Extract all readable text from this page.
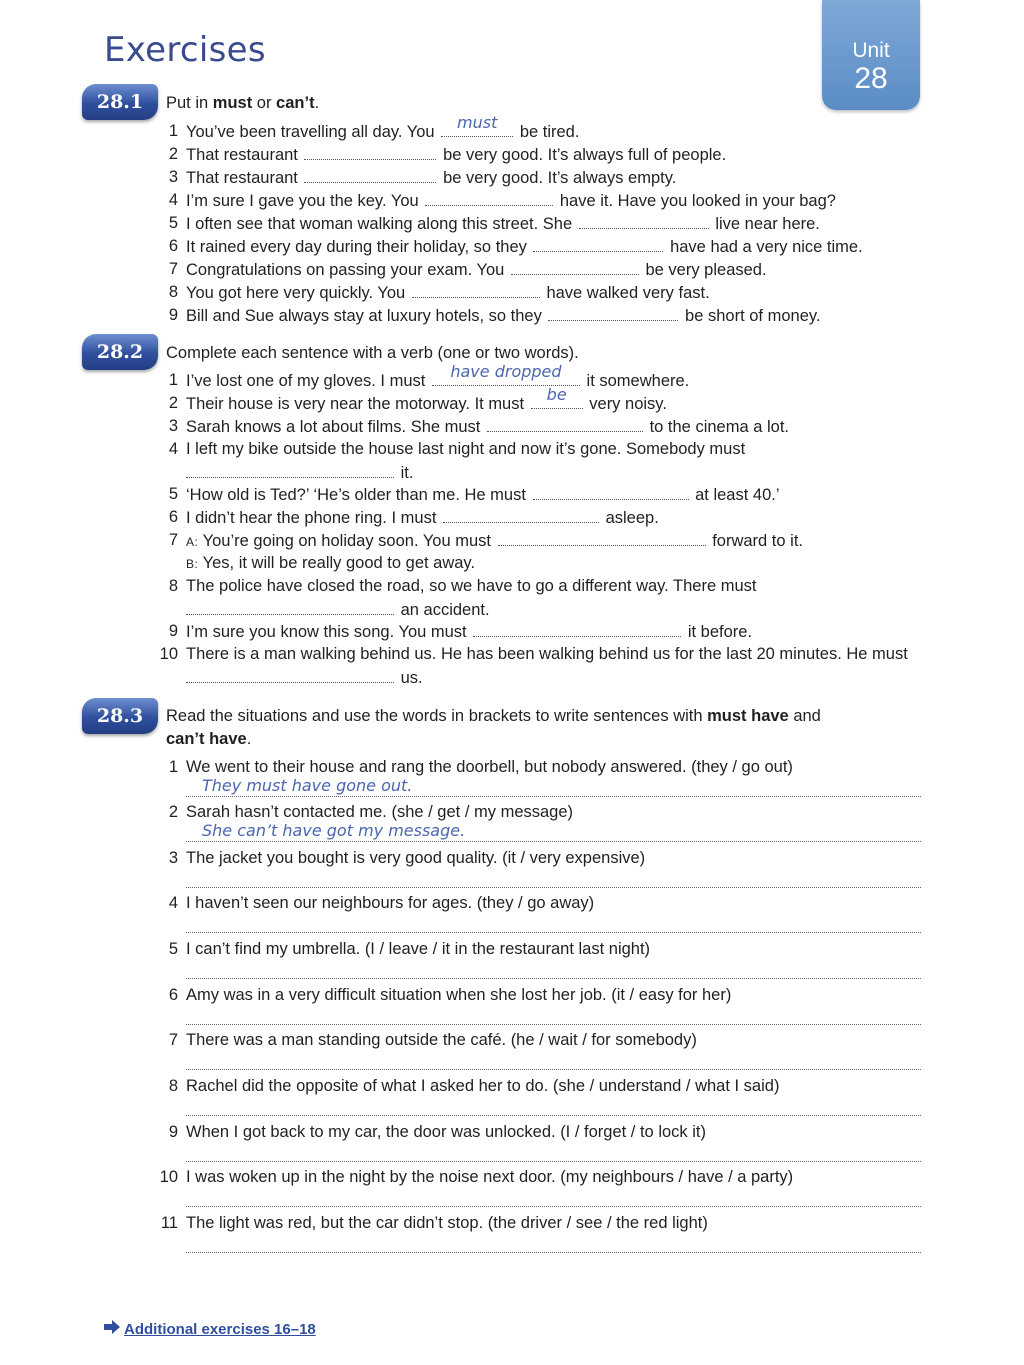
Exercises	Unit
28
28.1	Put in must or can’t.
1 You’ve been travelling all day. You	must	be tired.
2 That restaurant	be very good. It’s always full of people.
3 That restaurant	be very good. It’s always empty.
4 I’m sure I gave you the key. You	have it. Have you looked in your bag?
5 I often see that woman walking along this street. She	live near here.
6 It rained every day during their holiday, so they	have had a very nice time.
7 Congratulations on passing your exam. You	be very pleased.
8 You got here very quickly. You	have walked very fast.
9 Bill and Sue always stay at luxury hotels, so they	be short of money.
28.2	Complete each sentence with a verb (one or two words).
1 I’ve lost one of my gloves. I must	have dropped	it somewhere.
2 Their house is very near the motorway. It must	be	very noisy.
3 Sarah knows a lot about films. She must	to the cinema a lot.
4 I left my bike outside the house last night and now it’s gone. Somebody must
it.
5 ‘How old is Ted?’ ‘He’s older than me. He must	at least 40.’
6 I didn’t hear the phone ring. I must	asleep.
7 A: You’re going on holiday soon. You must	forward to it.
B: Yes, it will be really good to get away.
8 The police have closed the road, so we have to go a different way. There must
an accident.
9 I’m sure you know this song. You must	it before.
10 There is a man walking behind us. He has been walking behind us for the last 20 minutes. He must
us.
28.3	Read the situations and use the words in brackets to write sentences with must have and
can’t have.
1 We went to their house and rang the doorbell, but nobody answered. (they / go out)
They must have gone out.
2 Sarah hasn’t contacted me. (she / get / my message)
She can’t have got my message.
3 The jacket you bought is very good quality. (it / very expensive)
4 I haven’t seen our neighbours for ages. (they / go away)
5 I can’t find my umbrella. (I / leave / it in the restaurant last night)
6 Amy was in a very difficult situation when she lost her job. (it / easy for her)
7 There was a man standing outside the café. (he / wait / for somebody)
8 Rachel did the opposite of what I asked her to do. (she / understand / what I said)
9 When I got back to my car, the door was unlocked. (I / forget / to lock it)
10 I was woken up in the night by the noise next door. (my neighbours / have / a party)
11 The light was red, but the car didn’t stop. (the driver / see / the red light)
Additional exercises 16–18
